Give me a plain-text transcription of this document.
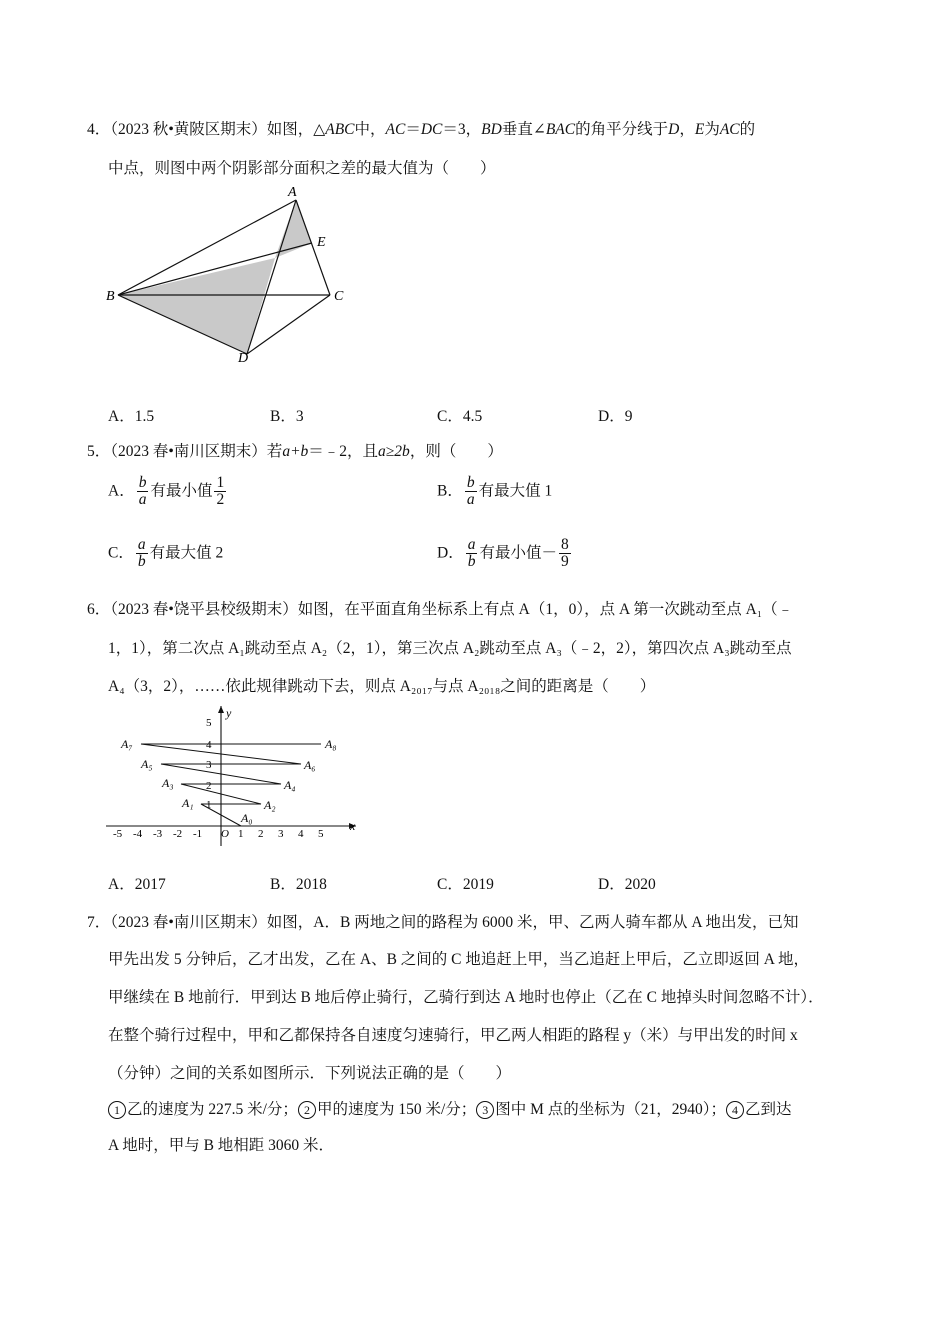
4．（2023 秋•黄陂区期末）如图，△ABC中，AC＝DC＝3，BD垂直∠BAC的角平分线于D，E为AC的
中点，则图中两个阴影部分面积之差的最大值为（　　）
A
E
B	C
D
A．1.5	B．3	C．4.5	D．9
5．（2023 春•南川区期末）若a+b＝﹣2，且a≥2b，则（　　）
A． $\frac{b}{a}$ 有最小值 $\frac{1}{2}$	B． $\frac{b}{a}$ 有最大值 1
C． $\frac{a}{b}$ 有最大值 2	D． $\frac{a}{b}$ 有最小值－ $\frac{8}{9}$
6．（2023 春•饶平县校级期末）如图，在平面直角坐标系上有点 A（1，0），点 A 第一次跳动至点 A₁（﹣
1，1），第二次点 A₁跳动至点 A₂（2，1），第三次点 A₂跳动至点 A₃（﹣2，2），第四次点 A₃跳动至点
A₄（3，2），……依此规律跳动下去，则点 A₂₀₁₇与点 A₂₀₁₈之间的距离是（　　）
x
y
-5 -4 -3 -2 -1 O 1 2 3 4 5
1
2
3
4
5
A₀
A₁	A₂
A₃	A₄
A₅	A₆
A₇	A₈
A．2017	B．2018	C．2019	D．2020
7．（2023 春•南川区期末）如图，A．B 两地之间的路程为 6000 米，甲、乙两人骑车都从 A 地出发，已知
甲先出发 5 分钟后，乙才出发，乙在 A、B 之间的 C 地追赶上甲，当乙追赶上甲后，乙立即返回 A 地，
甲继续在 B 地前行．甲到达 B 地后停止骑行，乙骑行到达 A 地时也停止（乙在 C 地掉头时间忽略不计）．
在整个骑行过程中，甲和乙都保持各自速度匀速骑行，甲乙两人相距的路程 y（米）与甲出发的时间 x
（分钟）之间的关系如图所示．下列说法正确的是（　　）
1 乙的速度为 227.5 米/分； 2 甲的速度为 150 米/分； 3 图中 M 点的坐标为（21，2940）； 4 乙到达
A 地时，甲与 B 地相距 3060 米．
